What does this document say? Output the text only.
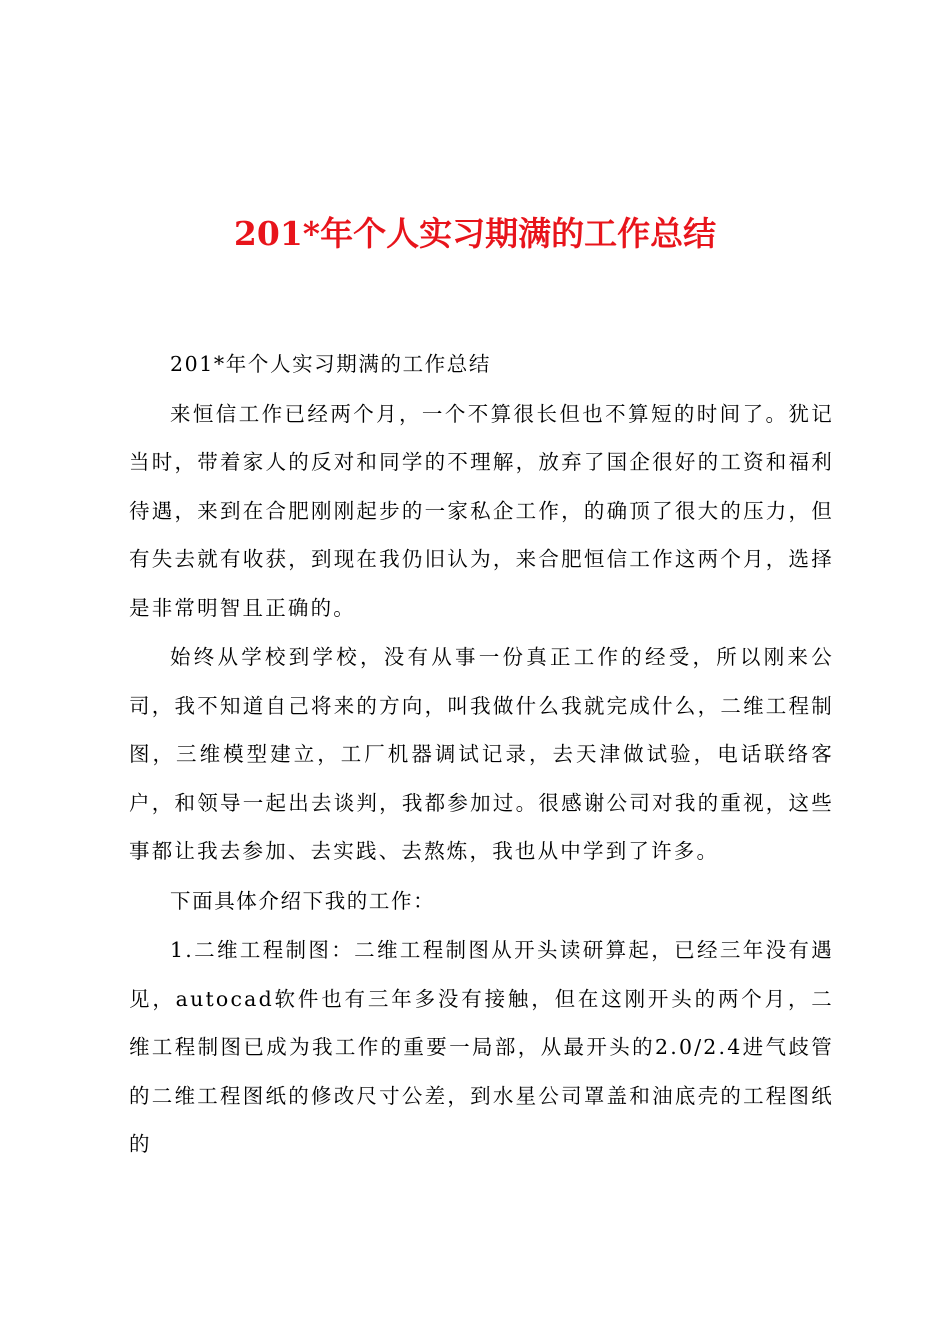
201*年个人实习期满的工作总结

201*年个人实习期满的工作总结

来恒信工作已经两个月，一个不算很长但也不算短的时间了。犹记当时，带着家人的反对和同学的不理解，放弃了国企很好的工资和福利待遇，来到在合肥刚刚起步的一家私企工作，的确顶了很大的压力，但有失去就有收获，到现在我仍旧认为，来合肥恒信工作这两个月，选择是非常明智且正确的。

始终从学校到学校，没有从事一份真正工作的经受，所以刚来公司，我不知道自己将来的方向，叫我做什么我就完成什么，二维工程制图，三维模型建立，工厂机器调试记录，去天津做试验，电话联络客户，和领导一起出去谈判，我都参加过。很感谢公司对我的重视，这些事都让我去参加、去实践、去熬炼，我也从中学到了许多。

下面具体介绍下我的工作：

1.二维工程制图：二维工程制图从开头读研算起，已经三年没有遇见，autocad软件也有三年多没有接触，但在这刚开头的两个月，二维工程制图已成为我工作的重要一局部，从最开头的2.0/2.4进气歧管的二维工程图纸的修改尺寸公差，到水星公司罩盖和油底壳的工程图纸的
